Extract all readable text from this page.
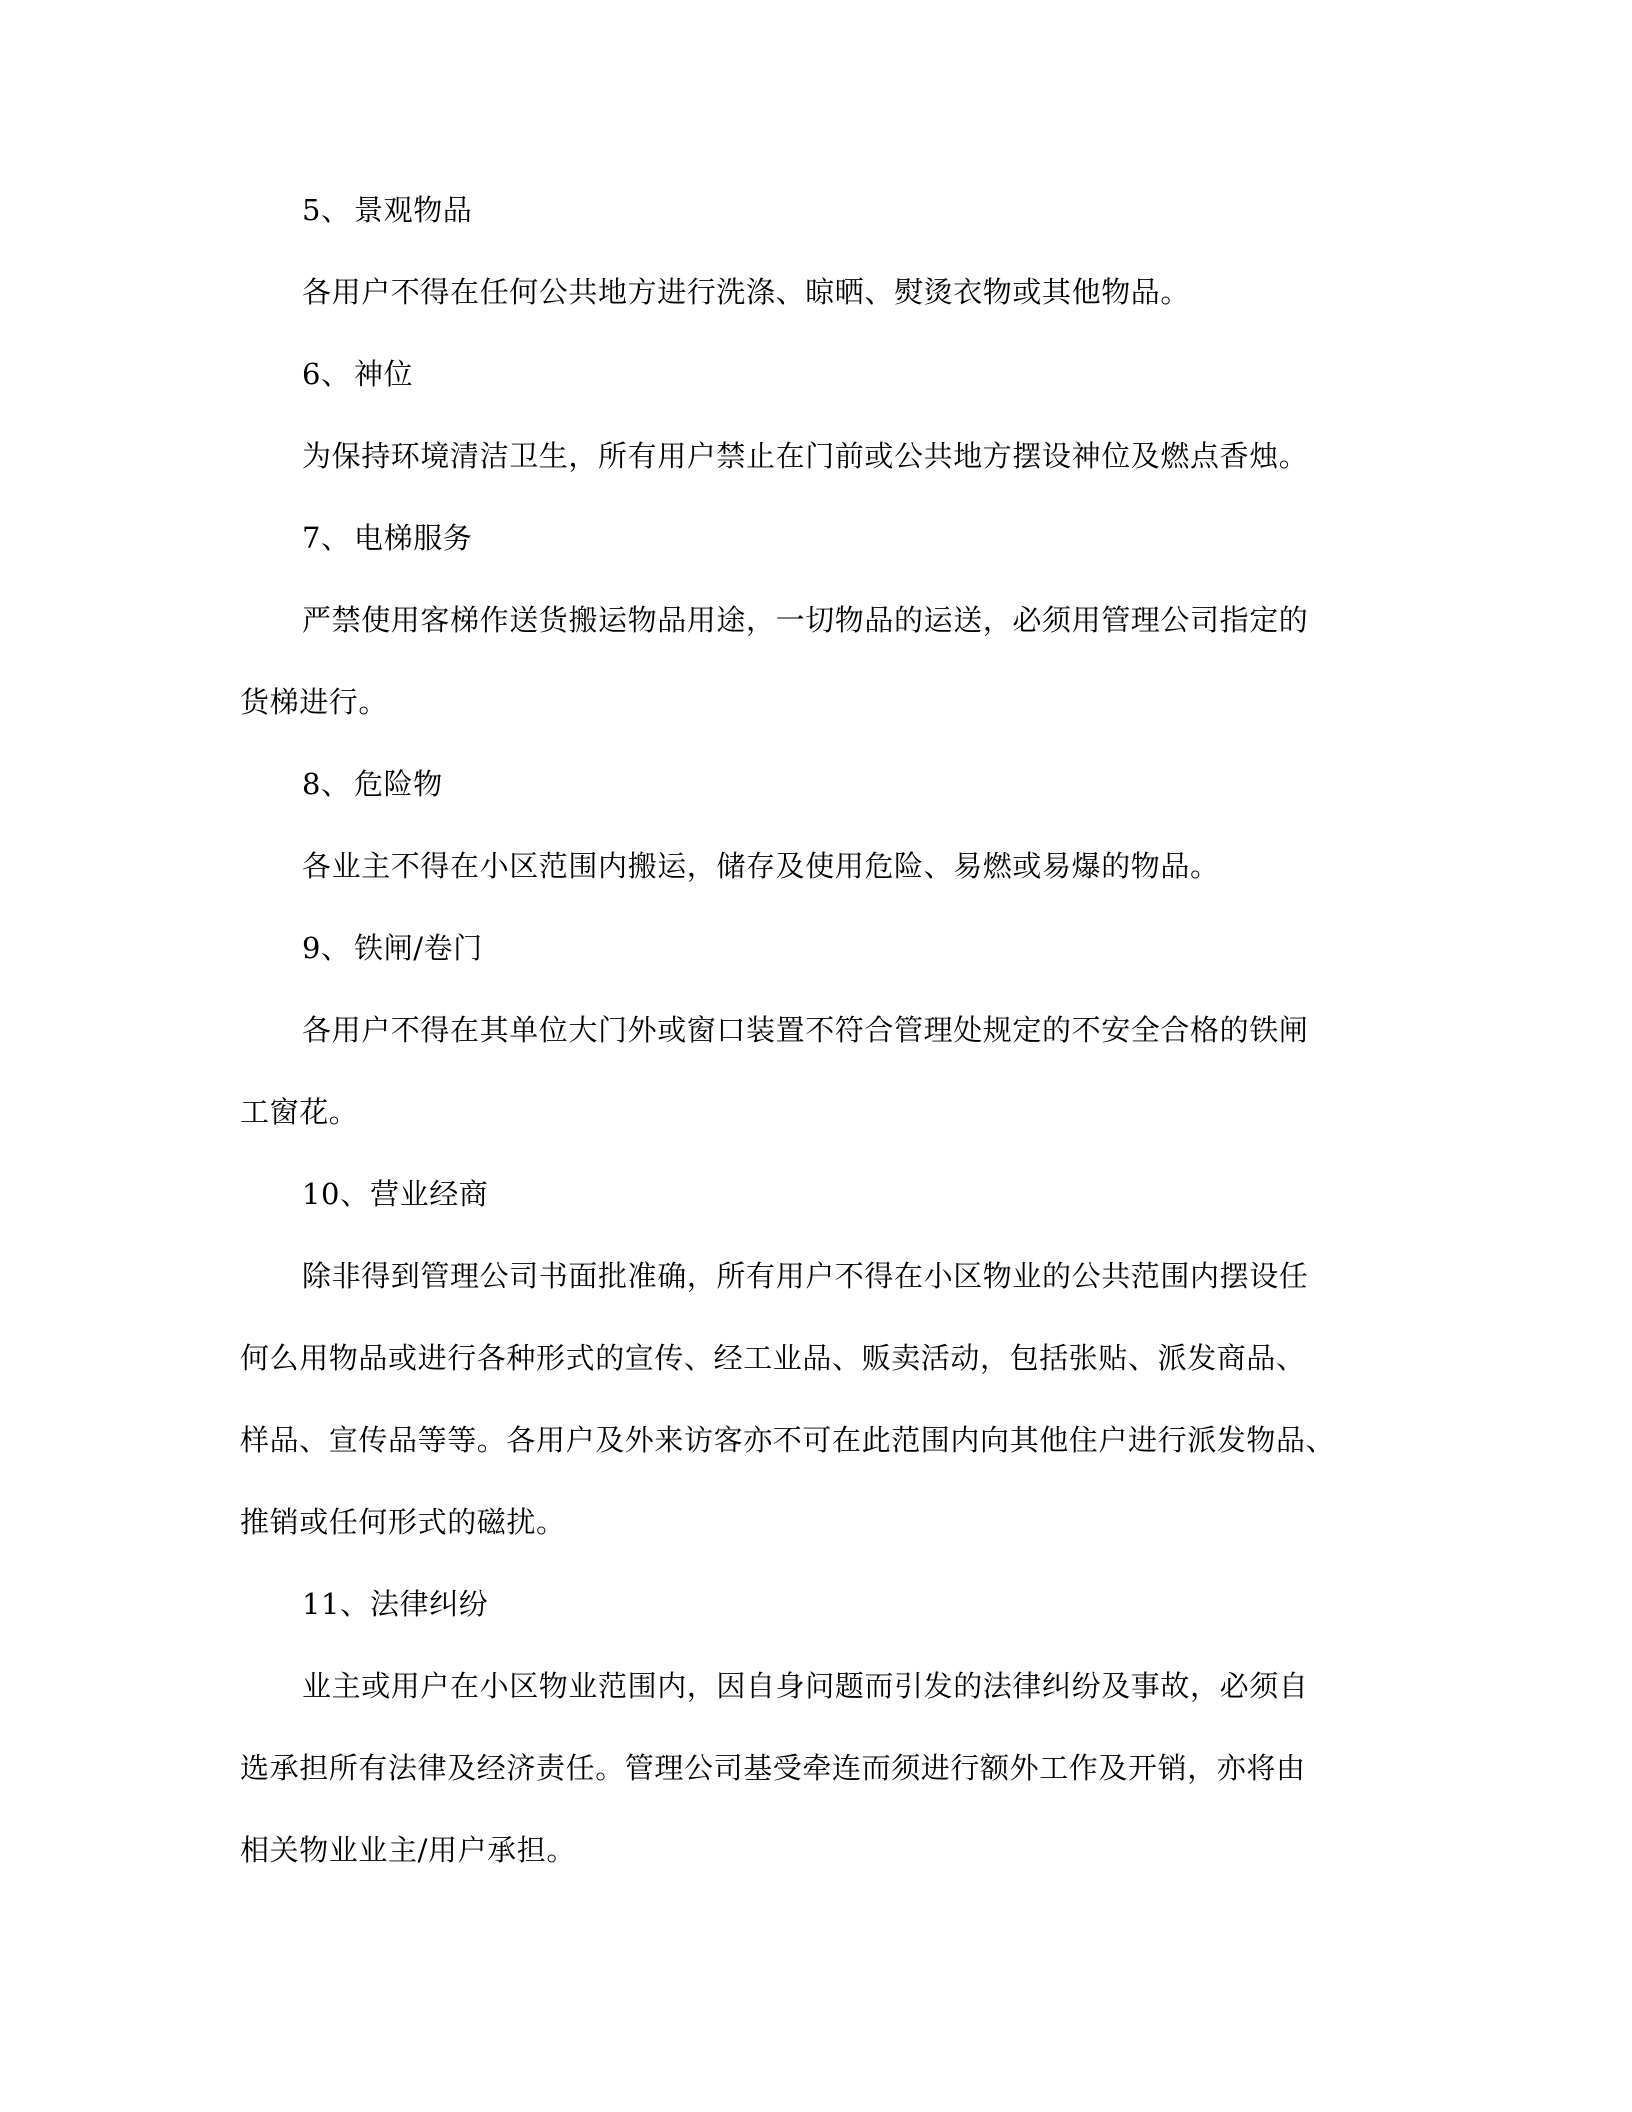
5、 景观物品
各用户不得在任何公共地方进行洗涤、晾晒、熨烫衣物或其他物品。
6、 神位
为保持环境清洁卫生，所有用户禁止在门前或公共地方摆设神位及燃点香烛。
7、 电梯服务
严禁使用客梯作送货搬运物品用途，一切物品的运送，必须用管理公司指定的
货梯进行。
8、 危险物
各业主不得在小区范围内搬运，储存及使用危险、易燃或易爆的物品。
9、 铁闸/卷门
各用户不得在其单位大门外或窗口装置不符合管理处规定的不安全合格的铁闸
工窗花。
10、营业经商
除非得到管理公司书面批准确，所有用户不得在小区物业的公共范围内摆设任
何么用物品或进行各种形式的宣传、经工业品、贩卖活动，包括张贴、派发商品、
样品、宣传品等等。各用户及外来访客亦不可在此范围内向其他住户进行派发物品、
推销或任何形式的磁扰。
11、法律纠纷
业主或用户在小区物业范围内，因自身问题而引发的法律纠纷及事故，必须自
选承担所有法律及经济责任。管理公司基受牵连而须进行额外工作及开销，亦将由
相关物业业主/用户承担。
